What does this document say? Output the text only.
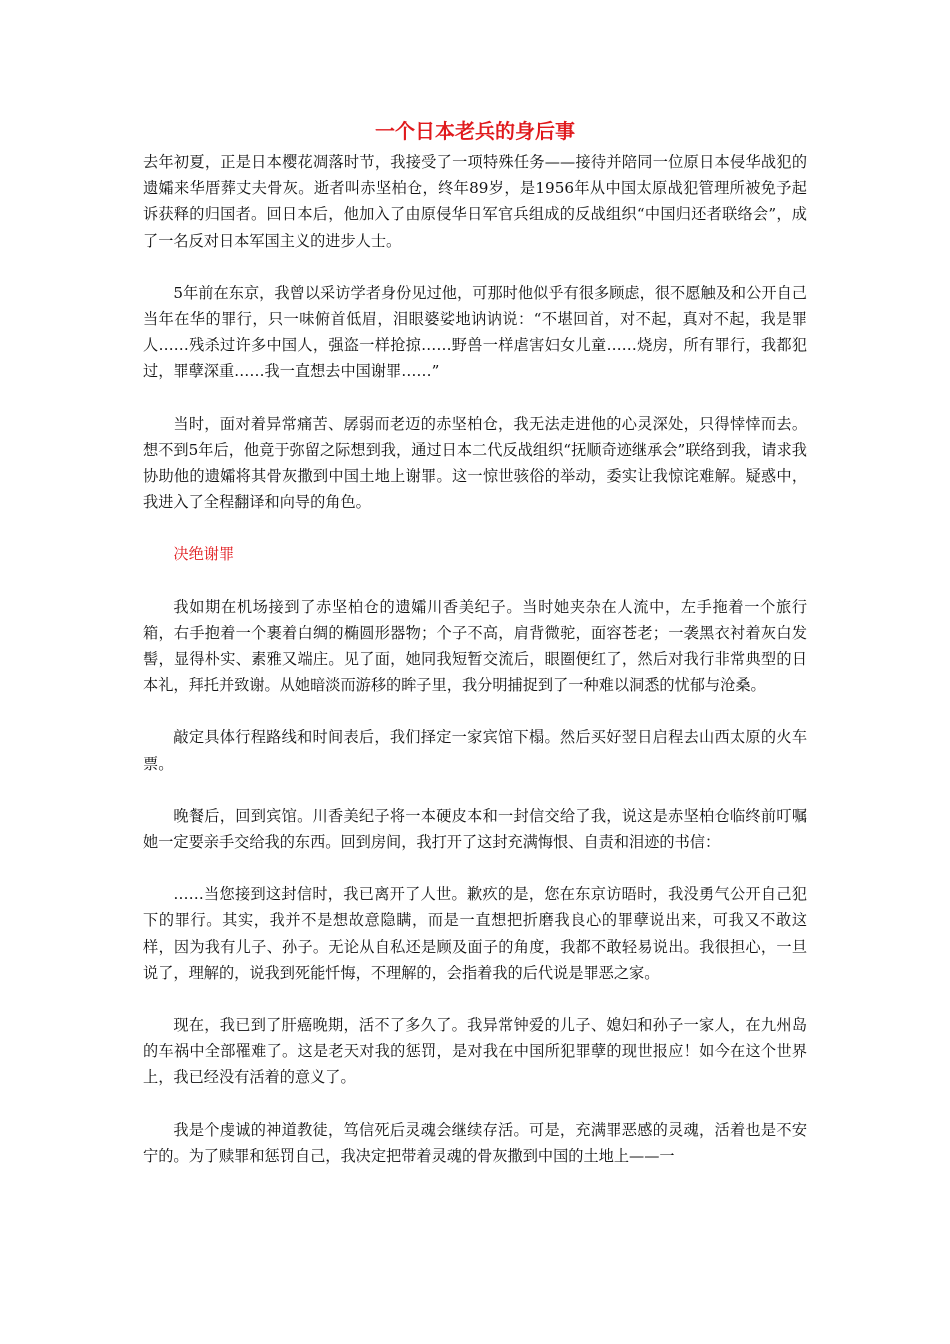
一个日本老兵的身后事

去年初夏，正是日本樱花凋落时节，我接受了一项特殊任务——接待并陪同一位原日本侵华战犯的遗孀来华厝葬丈夫骨灰。逝者叫赤坚柏仓，终年89岁，是1956年从中国太原战犯管理所被免予起诉获释的归国者。回日本后，他加入了由原侵华日军官兵组成的反战组织“中国归还者联络会”，成了一名反对日本军国主义的进步人士。

5年前在东京，我曾以采访学者身份见过他，可那时他似乎有很多顾虑，很不愿触及和公开自己当年在华的罪行，只一味俯首低眉，泪眼婆娑地讷讷说：“不堪回首，对不起，真对不起，我是罪人……残杀过许多中国人，强盗一样抢掠……野兽一样虐害妇女儿童……烧房，所有罪行，我都犯过，罪孽深重……我一直想去中国谢罪……”

当时，面对着异常痛苦、孱弱而老迈的赤坚柏仓，我无法走进他的心灵深处，只得悻悻而去。想不到5年后，他竟于弥留之际想到我，通过日本二代反战组织“抚顺奇迹继承会”联络到我，请求我协助他的遗孀将其骨灰撒到中国土地上谢罪。这一惊世骇俗的举动，委实让我惊诧难解。疑惑中，我进入了全程翻译和向导的角色。

决绝谢罪

我如期在机场接到了赤坚柏仓的遗孀川香美纪子。当时她夹杂在人流中，左手拖着一个旅行箱，右手抱着一个裹着白绸的椭圆形器物；个子不高，肩背微驼，面容苍老；一袭黑衣衬着灰白发髻，显得朴实、素雅又端庄。见了面，她同我短暂交流后，眼圈便红了，然后对我行非常典型的日本礼，拜托并致谢。从她暗淡而游移的眸子里，我分明捕捉到了一种难以洞悉的忧郁与沧桑。

敲定具体行程路线和时间表后，我们择定一家宾馆下榻。然后买好翌日启程去山西太原的火车票。

晚餐后，回到宾馆。川香美纪子将一本硬皮本和一封信交给了我，说这是赤坚柏仓临终前叮嘱她一定要亲手交给我的东西。回到房间，我打开了这封充满悔恨、自责和泪迹的书信：

……当您接到这封信时，我已离开了人世。歉疚的是，您在东京访晤时，我没勇气公开自己犯下的罪行。其实，我并不是想故意隐瞒，而是一直想把折磨我良心的罪孽说出来，可我又不敢这样，因为我有儿子、孙子。无论从自私还是顾及面子的角度，我都不敢轻易说出。我很担心，一旦说了，理解的，说我到死能忏悔，不理解的，会指着我的后代说是罪恶之家。

现在，我已到了肝癌晚期，活不了多久了。我异常钟爱的儿子、媳妇和孙子一家人，在九州岛的车祸中全部罹难了。这是老天对我的惩罚，是对我在中国所犯罪孽的现世报应！如今在这个世界上，我已经没有活着的意义了。

我是个虔诚的神道教徒，笃信死后灵魂会继续存活。可是，充满罪恶感的灵魂，活着也是不安宁的。为了赎罪和惩罚自己，我决定把带着灵魂的骨灰撒到中国的土地上——一
